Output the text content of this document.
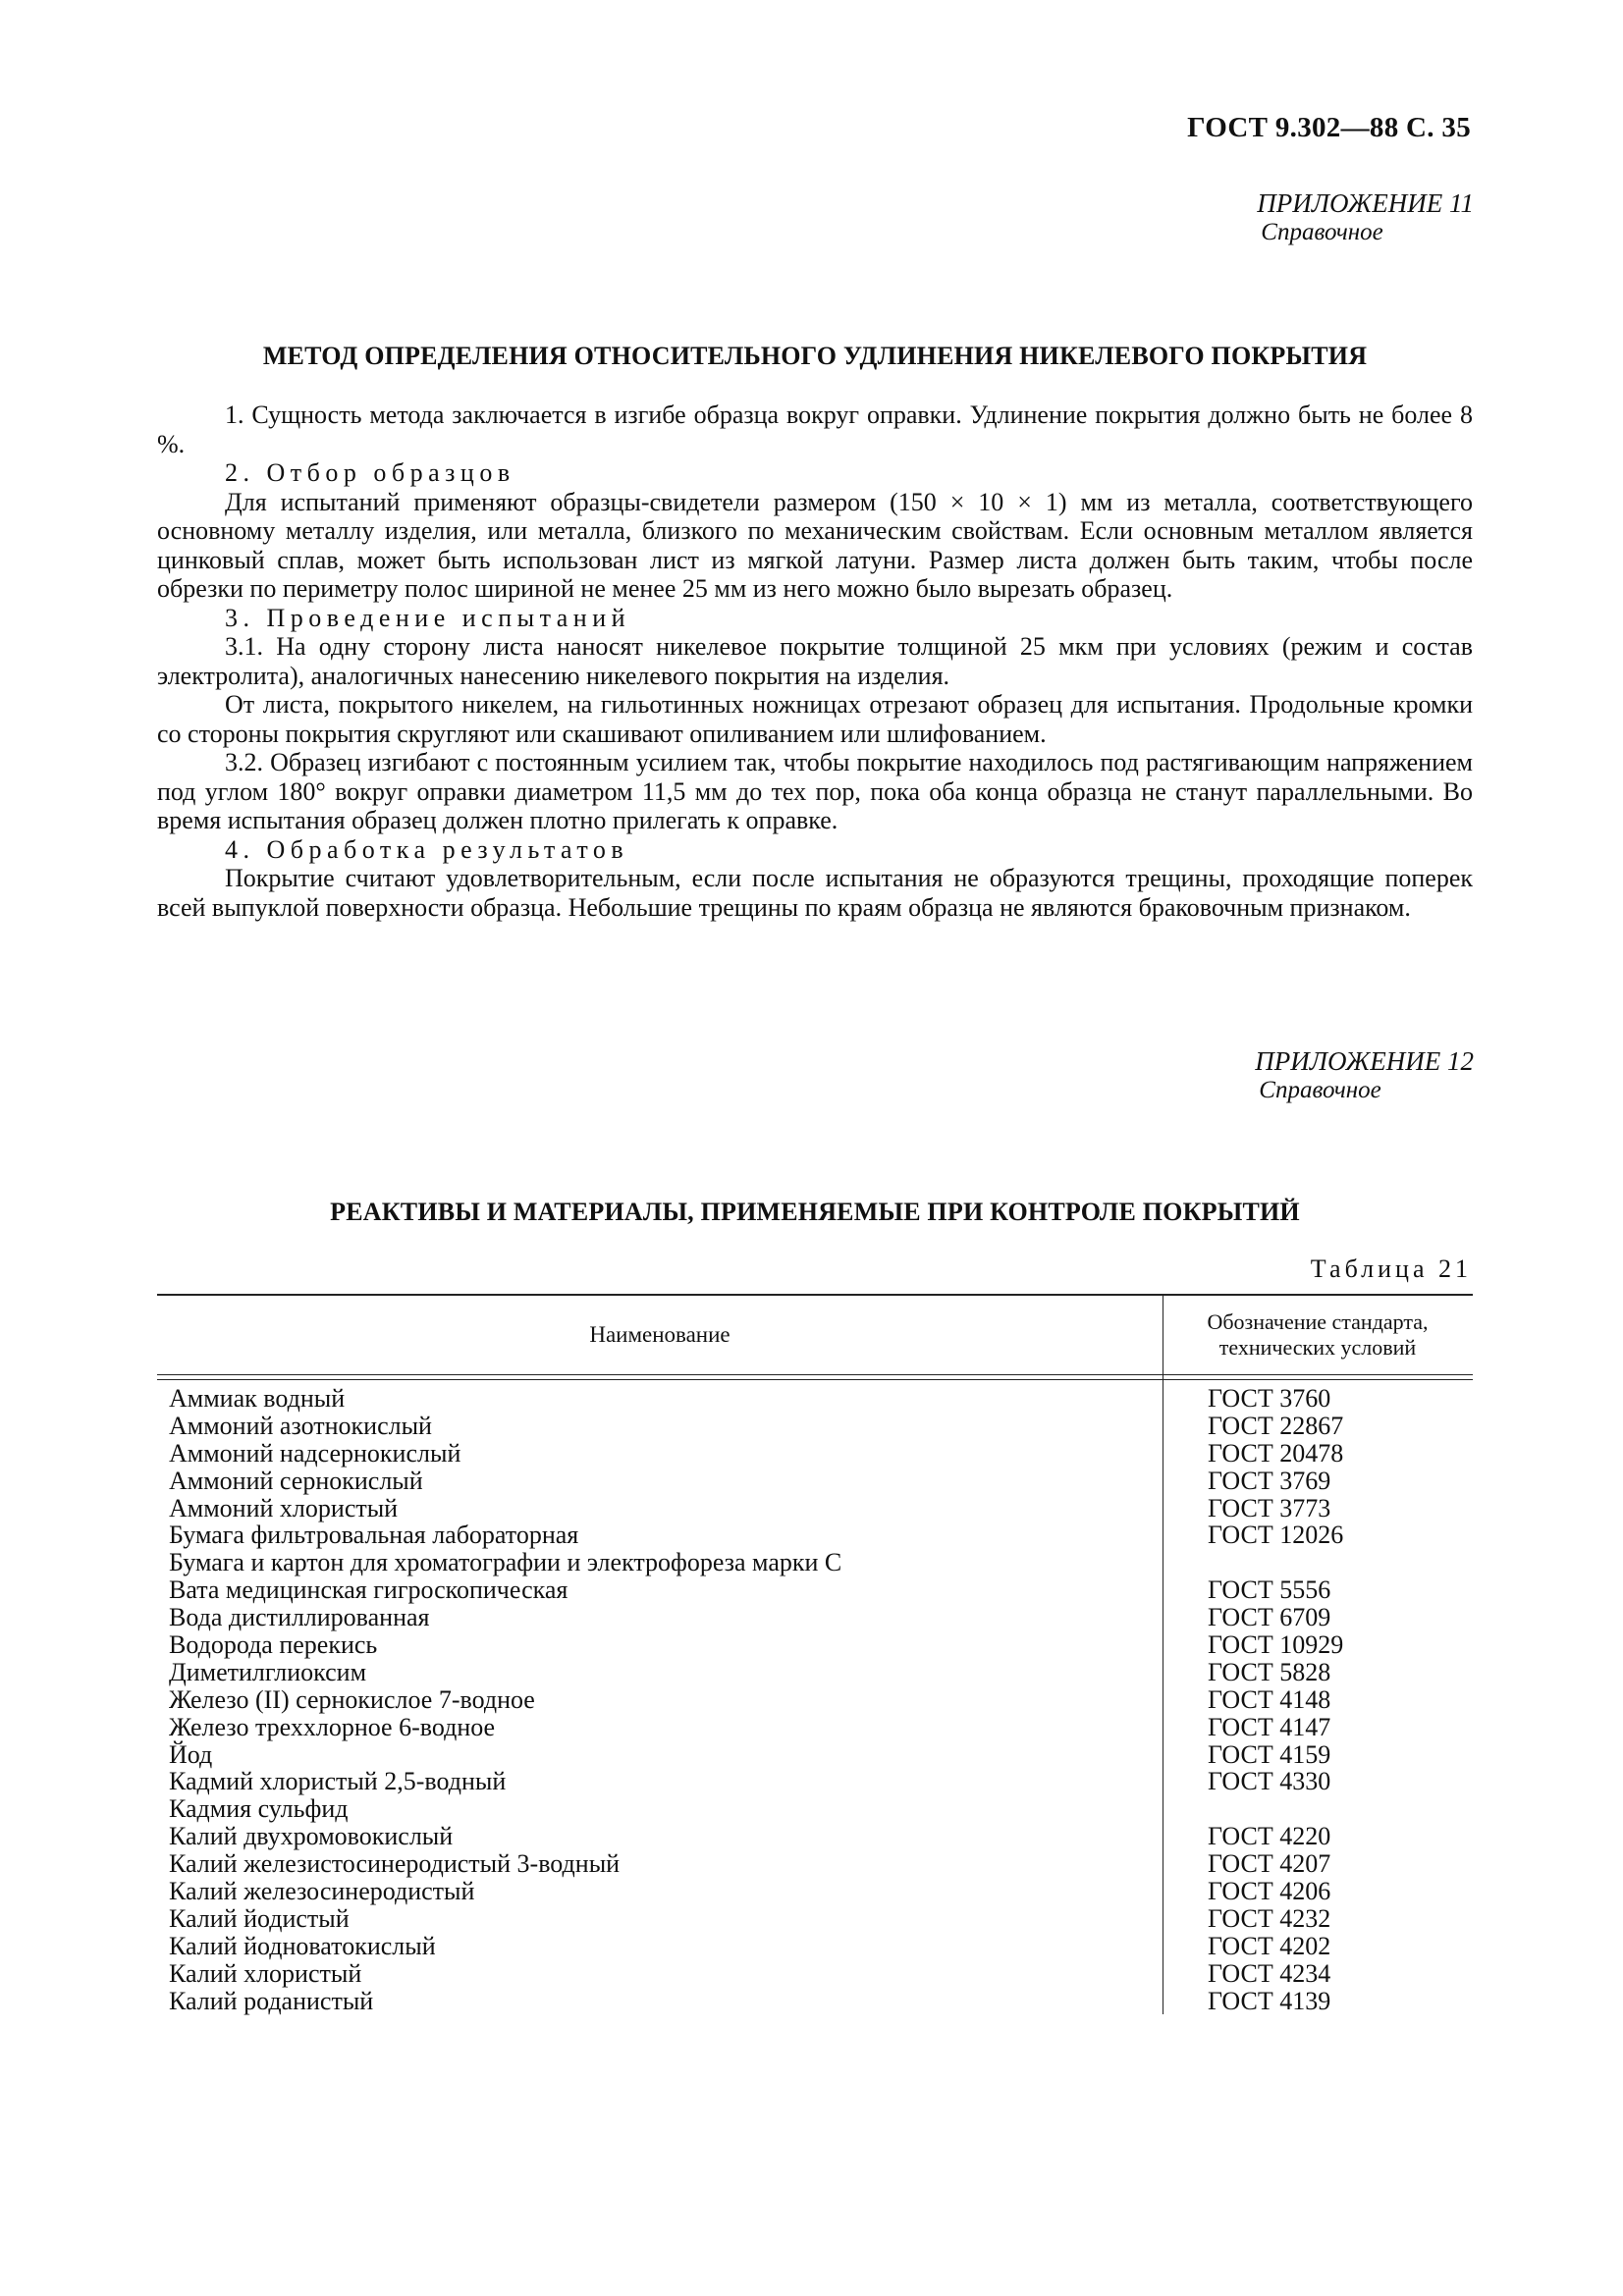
ГОСТ 9.302—88 С. 35
ПРИЛОЖЕНИЕ 11
Справочное
МЕТОД ОПРЕДЕЛЕНИЯ ОТНОСИТЕЛЬНОГО УДЛИНЕНИЯ НИКЕЛЕВОГО ПОКРЫТИЯ

1. Сущность метода заключается в изгибе образца вокруг оправки. Удлинение покрытия должно быть не более 8 %.

2. Отбор образцов

Для испытаний применяют образцы-свидетели размером (150 × 10 × 1) мм из металла, соответствующего основному металлу изделия, или металла, близкого по механическим свойствам. Если основным металлом является цинковый сплав, может быть использован лист из мягкой латуни. Размер листа должен быть таким, чтобы после обрезки по периметру полос шириной не менее 25 мм из него можно было вырезать образец.

3. Проведение испытаний

3.1. На одну сторону листа наносят никелевое покрытие толщиной 25 мкм при условиях (режим и состав электролита), аналогичных нанесению никелевого покрытия на изделия.

От листа, покрытого никелем, на гильотинных ножницах отрезают образец для испытания. Продольные кромки со стороны покрытия скругляют или скашивают опиливанием или шлифованием.

3.2. Образец изгибают с постоянным усилием так, чтобы покрытие находилось под растягивающим напряжением под углом 180° вокруг оправки диаметром 11,5 мм до тех пор, пока оба конца образца не станут параллельными. Во время испытания образец должен плотно прилегать к оправке.

4. Обработка результатов

Покрытие считают удовлетворительным, если после испытания не образуются трещины, проходящие поперек всей выпуклой поверхности образца. Небольшие трещины по краям образца не являются браковочным признаком.

ПРИЛОЖЕНИЕ 12
Справочное
РЕАКТИВЫ И МАТЕРИАЛЫ, ПРИМЕНЯЕМЫЕ ПРИ КОНТРОЛЕ ПОКРЫТИЙ
Таблица 21
Наименование
Обозначение стандарта,
технических условий
Аммиак водный	ГОСТ 3760
Аммоний азотнокислый	ГОСТ 22867
Аммоний надсернокислый	ГОСТ 20478
Аммоний сернокислый	ГОСТ 3769
Аммоний хлористый	ГОСТ 3773
Бумага фильтровальная лабораторная	ГОСТ 12026
Бумага и картон для хроматографии и электрофореза марки С
Вата медицинская гигроскопическая	ГОСТ 5556
Вода дистиллированная	ГОСТ 6709
Водорода перекись	ГОСТ 10929
Диметилглиоксим	ГОСТ 5828
Железо (II) сернокислое 7-водное	ГОСТ 4148
Железо треххлорное 6-водное	ГОСТ 4147
Йод	ГОСТ 4159
Кадмий хлористый 2,5-водный	ГОСТ 4330
Кадмия сульфид
Калий двухромовокислый	ГОСТ 4220
Калий железистосинеродистый 3-водный	ГОСТ 4207
Калий железосинеродистый	ГОСТ 4206
Калий йодистый	ГОСТ 4232
Калий йодноватокислый	ГОСТ 4202
Калий хлористый	ГОСТ 4234
Калий роданистый	ГОСТ 4139
